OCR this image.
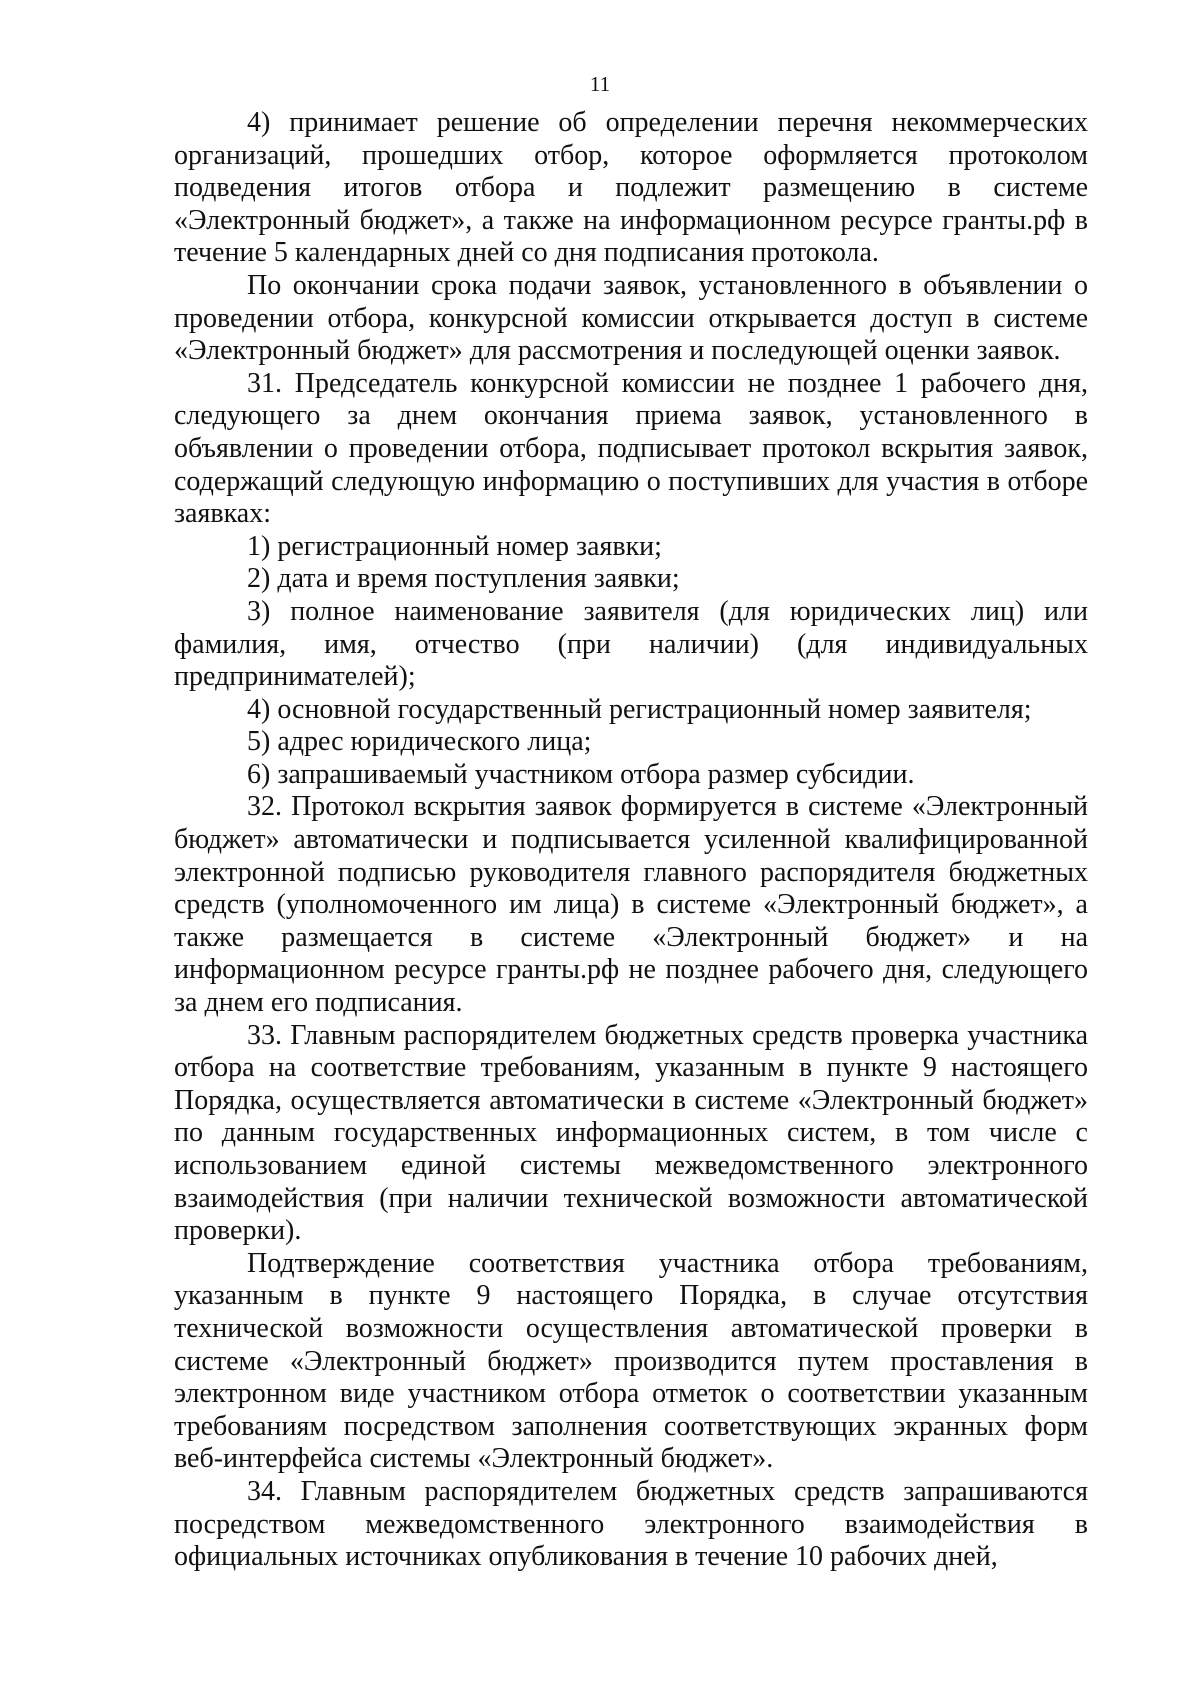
11

4) принимает решение об определении перечня некоммерческих организаций, прошедших отбор, которое оформляется протоколом подведения итогов отбора и подлежит размещению в системе «Электронный бюджет», а также на информационном ресурсе гранты.рф в течение 5 календарных дней со дня подписания протокола.

По окончании срока подачи заявок, установленного в объявлении о проведении отбора, конкурсной комиссии открывается доступ в системе «Электронный бюджет» для рассмотрения и последующей оценки заявок.

31. Председатель конкурсной комиссии не позднее 1 рабочего дня, следующего за днем окончания приема заявок, установленного в объявлении о проведении отбора, подписывает протокол вскрытия заявок, содержащий следующую информацию о поступивших для участия в отборе заявках:

1) регистрационный номер заявки;

2) дата и время поступления заявки;

3) полное наименование заявителя (для юридических лиц) или фамилия, имя, отчество (при наличии) (для индивидуальных предпринимателей);

4) основной государственный регистрационный номер заявителя;

5) адрес юридического лица;

6) запрашиваемый участником отбора размер субсидии.

32. Протокол вскрытия заявок формируется в системе «Электронный бюджет» автоматически и подписывается усиленной квалифицированной электронной подписью руководителя главного распорядителя бюджетных средств (уполномоченного им лица) в системе «Электронный бюджет», а также размещается в системе «Электронный бюджет» и на информационном ресурсе гранты.рф не позднее рабочего дня, следующего за днем его подписания.

33. Главным распорядителем бюджетных средств проверка участника отбора на соответствие требованиям, указанным в пункте 9 настоящего Порядка, осуществляется автоматически в системе «Электронный бюджет» по данным государственных информационных систем, в том числе с использованием единой системы межведомственного электронного взаимодействия (при наличии технической возможности автоматической проверки).

Подтверждение соответствия участника отбора требованиям, указанным в пункте 9 настоящего Порядка, в случае отсутствия технической возможности осуществления автоматической проверки в системе «Электронный бюджет» производится путем проставления в электронном виде участником отбора отметок о соответствии указанным требованиям посредством заполнения соответствующих экранных форм веб-интерфейса системы «Электронный бюджет».

34. Главным распорядителем бюджетных средств запрашиваются посредством межведомственного электронного взаимодействия в официальных источниках опубликования в течение 10 рабочих дней,
